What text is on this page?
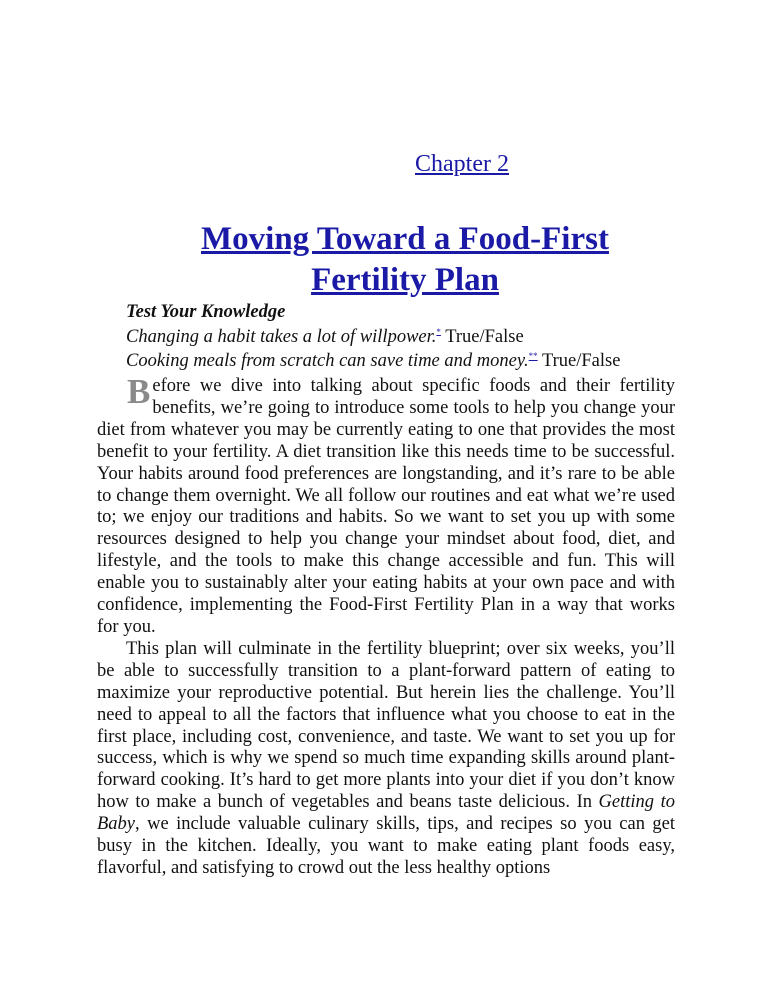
Chapter 2
Moving Toward a Food-First
Fertility Plan
Test Your Knowledge
Changing a habit takes a lot of willpower.* True/False
Cooking meals from scratch can save time and money.** True/False

Before we dive into talking about specific foods and their fertility benefits, we’re going to introduce some tools to help you change your diet from whatever you may be currently eating to one that provides the most benefit to your fertility. A diet transition like this needs time to be successful. Your habits around food preferences are longstanding, and it’s rare to be able to change them overnight. We all follow our routines and eat what we’re used to; we enjoy our traditions and habits. So we want to set you up with some resources designed to help you change your mindset about food, diet, and lifestyle, and the tools to make this change accessible and fun. This will enable you to sustainably alter your eating habits at your own pace and with confidence, implementing the Food-First Fertility Plan in a way that works for you.

This plan will culminate in the fertility blueprint; over six weeks, you’ll be able to successfully transition to a plant-forward pattern of eating to maximize your reproductive potential. But herein lies the challenge. You’ll need to appeal to all the factors that influence what you choose to eat in the first place, including cost, convenience, and taste. We want to set you up for success, which is why we spend so much time expanding skills around plant-forward cooking. It’s hard to get more plants into your diet if you don’t know how to make a bunch of vegetables and beans taste delicious. In Getting to Baby, we include valuable culinary skills, tips, and recipes so you can get busy in the kitchen. Ideally, you want to make eating plant foods easy, flavorful, and satisfying to crowd out the less healthy options
